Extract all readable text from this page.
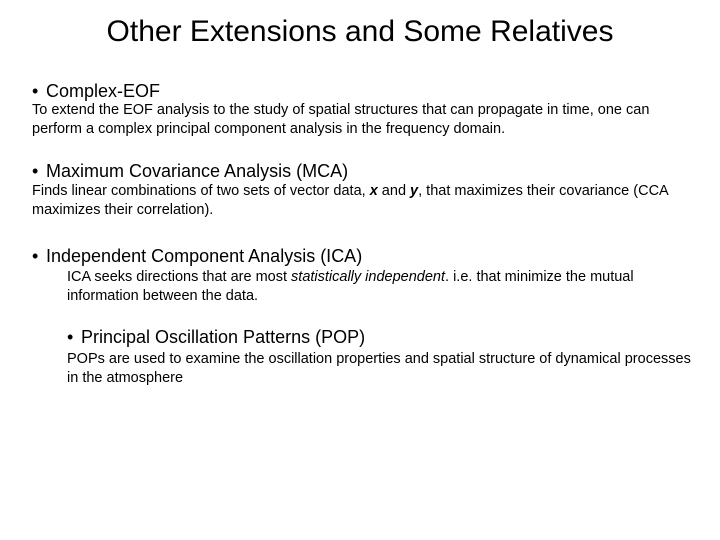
Other Extensions and Some Relatives
• Complex-EOF
To extend the EOF analysis to the study of spatial structures that can propagate in time, one can perform a complex principal component analysis in the frequency domain.
• Maximum Covariance Analysis (MCA)
Finds linear combinations of two sets of vector data, x and y, that maximizes their covariance (CCA maximizes their correlation).
• Independent Component Analysis (ICA)
ICA seeks directions that are most statistically independent. i.e. that minimize the mutual information between the data.
• Principal Oscillation Patterns (POP)
POPs are used to examine the oscillation properties and spatial structure of dynamical processes in the atmosphere
